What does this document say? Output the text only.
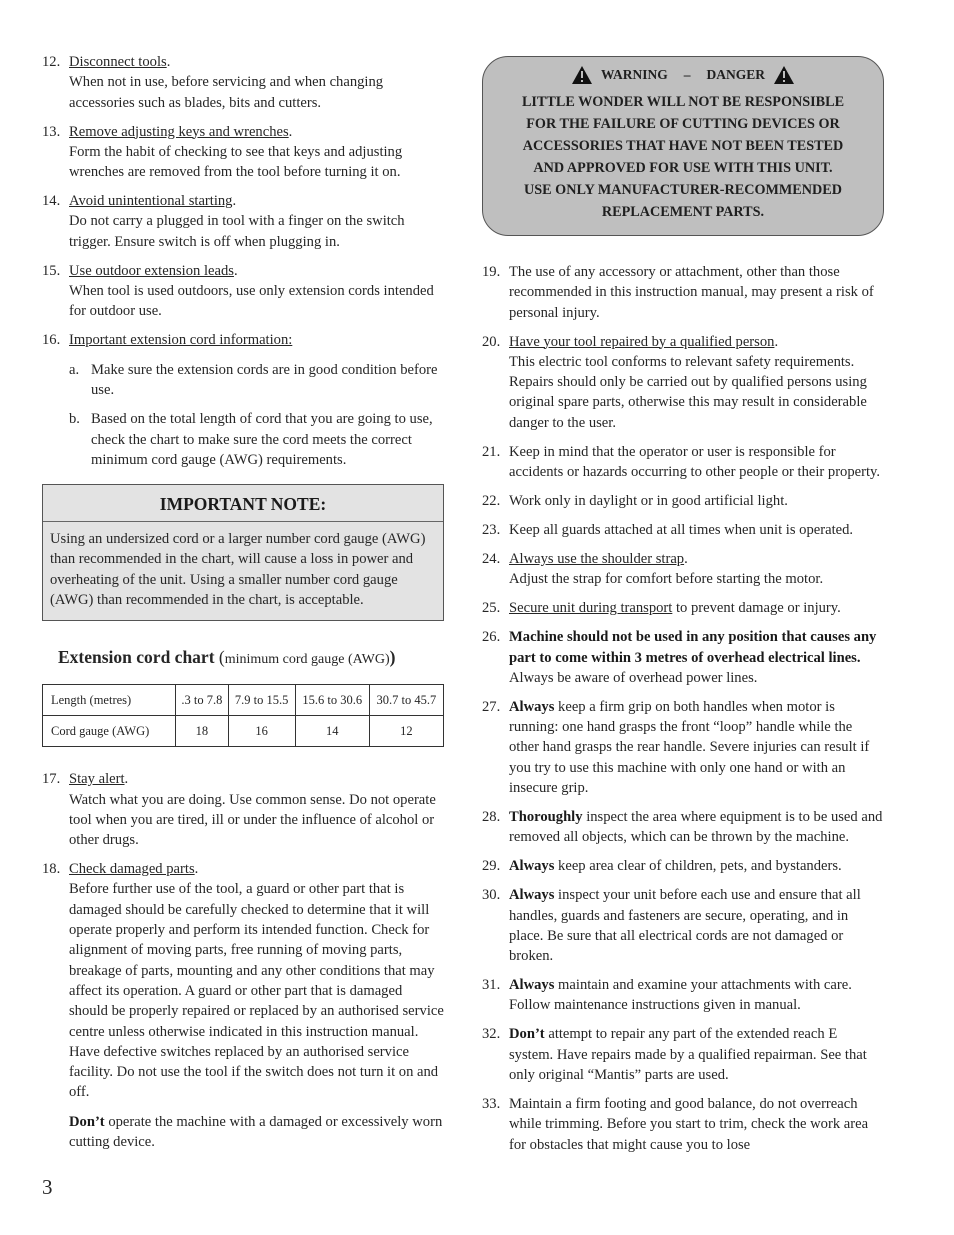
12. Disconnect tools.
When not in use, before servicing and when changing accessories such as blades, bits and cutters.
13. Remove adjusting keys and wrenches.
Form the habit of checking to see that keys and adjusting wrenches are removed from the tool before turning it on.
14. Avoid unintentional starting.
Do not carry a plugged in tool with a finger on the switch trigger. Ensure switch is off when plugging in.
15. Use outdoor extension leads.
When tool is used outdoors, use only extension cords intended for outdoor use.
16. Important extension cord information:
a. Make sure the extension cords are in good condition before use.
b. Based on the total length of cord that you are going to use, check the chart to make sure the cord meets the correct minimum cord gauge (AWG) requirements.
IMPORTANT NOTE:
Using an undersized cord or a larger number cord gauge (AWG) than recommended in the chart, will cause a loss in power and overheating of the unit. Using a smaller number cord gauge (AWG) than recommended in the chart, is acceptable.
Extension cord chart (minimum cord gauge (AWG))
Length (metres)	.3 to 7.8	7.9 to 15.5	15.6 to 30.6	30.7 to 45.7
Cord gauge (AWG)	18	16	14	12
17. Stay alert.
Watch what you are doing. Use common sense. Do not operate tool when you are tired, ill or under the influence of alcohol or other drugs.
18. Check damaged parts.
Before further use of the tool, a guard or other part that is damaged should be carefully checked to determine that it will operate properly and perform its intended function. Check for alignment of moving parts, free running of moving parts, breakage of parts, mounting and any other conditions that may affect its operation. A guard or other part that is damaged should be properly repaired or replaced by an authorised service centre unless otherwise indicated in this instruction manual. Have defective switches replaced by an authorised service facility. Do not use the tool if the switch does not turn it on and off.
Don’t operate the machine with a damaged or excessively worn cutting device.
WARNING – DANGER
LITTLE WONDER WILL NOT BE RESPONSIBLE
FOR THE FAILURE OF CUTTING DEVICES OR
ACCESSORIES THAT HAVE NOT BEEN TESTED
AND APPROVED FOR USE WITH THIS UNIT.
USE ONLY MANUFACTURER-RECOMMENDED
REPLACEMENT PARTS.
19. The use of any accessory or attachment, other than those recommended in this instruction manual, may present a risk of personal injury.
20. Have your tool repaired by a qualified person.
This electric tool conforms to relevant safety requirements. Repairs should only be carried out by qualified persons using original spare parts, otherwise this may result in considerable danger to the user.
21. Keep in mind that the operator or user is responsible for accidents or hazards occurring to other people or their property.
22. Work only in daylight or in good artificial light.
23. Keep all guards attached at all times when unit is operated.
24. Always use the shoulder strap.
Adjust the strap for comfort before starting the motor.
25. Secure unit during transport to prevent damage or injury.
26. Machine should not be used in any position that causes any part to come within 3 metres of overhead electrical lines. Always be aware of overhead power lines.
27. Always keep a firm grip on both handles when motor is running: one hand grasps the front “loop” handle while the other hand grasps the rear handle. Severe injuries can result if you try to use this machine with only one hand or with an insecure grip.
28. Thoroughly inspect the area where equipment is to be used and removed all objects, which can be thrown by the machine.
29. Always keep area clear of children, pets, and bystanders.
30. Always inspect your unit before each use and ensure that all handles, guards and fasteners are secure, operating, and in place. Be sure that all electrical cords are not damaged or broken.
31. Always maintain and examine your attachments with care. Follow maintenance instructions given in manual.
32. Don’t attempt to repair any part of the extended reach E system. Have repairs made by a qualified repairman. See that only original “Mantis” parts are used.
33. Maintain a firm footing and good balance, do not overreach while trimming. Before you start to trim, check the work area for obstacles that might cause you to lose
3
